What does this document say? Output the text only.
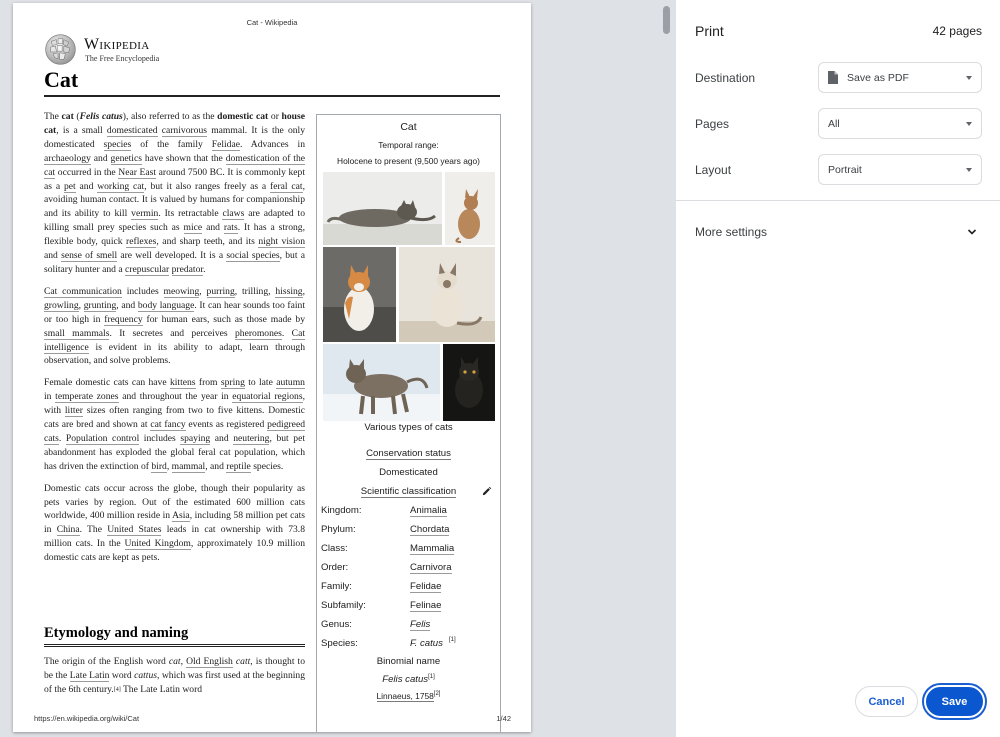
Cat - Wikipedia
Wikipedia
The Free Encyclopedia
Cat

The cat (Felis catus), also referred to as the domestic cat or house cat, is a small domesticated carnivorous mammal. It is the only domesticated species of the family Felidae. Advances in archaeology and genetics have shown that the domestication of the cat occurred in the Near East around 7500 BC. It is commonly kept as a pet and working cat, but it also ranges freely as a feral cat, avoiding human contact. It is valued by humans for companionship and its ability to kill vermin. Its retractable claws are adapted to killing small prey species such as mice and rats. It has a strong, flexible body, quick reflexes, and sharp teeth, and its night vision and sense of smell are well developed. It is a social species, but a solitary hunter and a crepuscular predator.

Cat communication includes meowing, purring, trilling, hissing, growling, grunting, and body language. It can hear sounds too faint or too high in frequency for human ears, such as those made by small mammals. It secretes and perceives pheromones. Cat intelligence is evident in its ability to adapt, learn through observation, and solve problems.

Female domestic cats can have kittens from spring to late autumn in temperate zones and throughout the year in equatorial regions, with litter sizes often ranging from two to five kittens. Domestic cats are bred and shown at cat fancy events as registered pedigreed cats. Population control includes spaying and neutering, but pet abandonment has exploded the global feral cat population, which has driven the extinction of bird, mammal, and reptile species.

Domestic cats occur across the globe, though their popularity as pets varies by region. Out of the estimated 600 million cats worldwide, 400 million reside in Asia, including 58 million pet cats in China. The United States leads in cat ownership with 73.8 million cats. In the United Kingdom, approximately 10.9 million domestic cats are kept as pets.

Etymology and naming
The origin of the English word cat, Old English catt, is thought to be the Late Latin word cattus, which was first used at the beginning of the 6th century.[4] The Late Latin word
Cat
Temporal range:
Holocene to present (9,500 years ago)
Various types of cats
Conservation status
Domesticated
Scientific classification
Kingdom:	Animalia
Phylum:	Chordata
Class:	Mammalia
Order:	Carnivora
Family:	Felidae
Subfamily:	Felinae
Genus:	Felis
Species:	F. catus [1]
Binomial name
Felis catus[1]
Linnaeus, 1758[2]
https://en.wikipedia.org/wiki/Cat	1/42
Print	42 pages
Destination	Save as PDF
Pages	All
Layout	Portrait
More settings
Cancel	Save
